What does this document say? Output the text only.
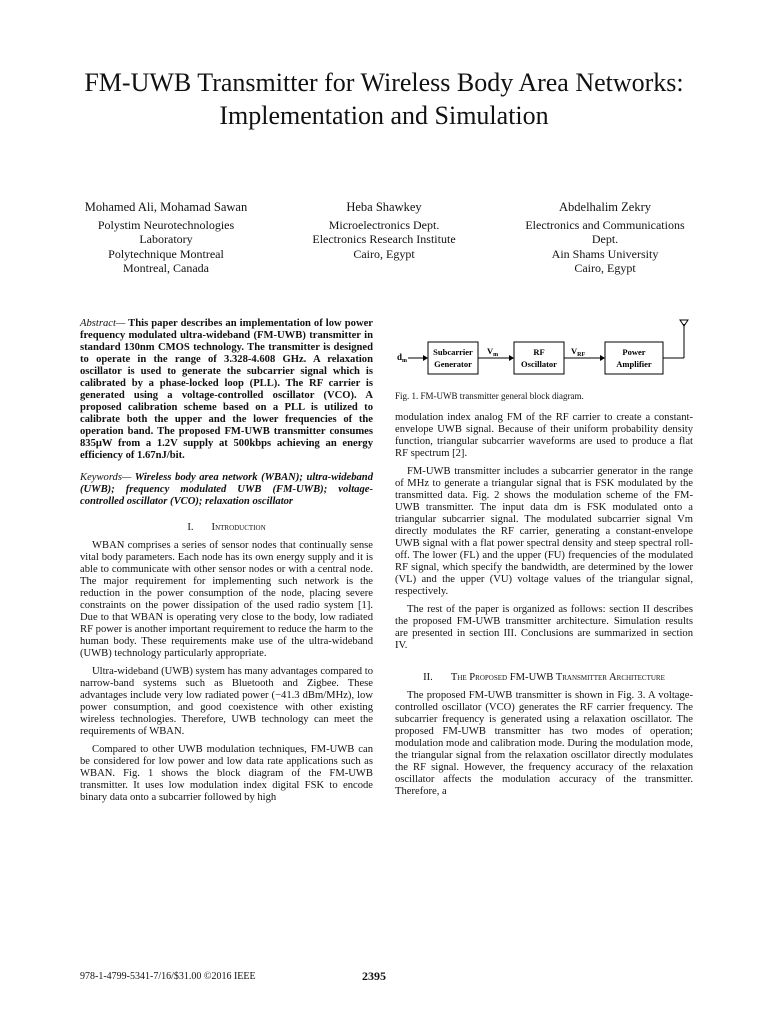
FM-UWB Transmitter for Wireless Body Area Networks: Implementation and Simulation
Mohamed Ali, Mohamad Sawan
Polystim Neurotechnologies
Laboratory
Polytechnique Montreal
Montreal, Canada
Heba Shawkey
Microelectronics Dept.
Electronics Research Institute
Cairo, Egypt
Abdelhalim Zekry
Electronics and Communications
Dept.
Ain Shams University
Cairo, Egypt
Abstract— This paper describes an implementation of low power frequency modulated ultra-wideband (FM-UWB) transmitter in standard 130nm CMOS technology. The transmitter is designed to operate in the range of 3.328-4.608 GHz. A relaxation oscillator is used to generate the subcarrier signal which is calibrated by a phase-locked loop (PLL). The RF carrier is generated using a voltage-controlled oscillator (VCO). A proposed calibration scheme based on a PLL is utilized to calibrate both the upper and the lower frequencies of the operation band. The proposed FM-UWB transmitter consumes 835μW from a 1.2V supply at 500kbps achieving an energy efficiency of 1.67nJ/bit.
Keywords— Wireless body area network (WBAN); ultra-wideband (UWB); frequency modulated UWB (FM-UWB); voltage-controlled oscillator (VCO); relaxation oscillator
I. Introduction

WBAN comprises a series of sensor nodes that continually sense vital body parameters. Each node has its own energy supply and it is able to communicate with other sensor nodes or with a central node. The major requirement for implementing such network is the reduction in the power consumption of the node, placing severe constraints on the power dissipation of the used radio system [1]. Due to that WBAN is operating very close to the body, low radiated RF power is another important requirement to reduce the harm to the human body. These requirements make use of the ultra-wideband (UWB) technology particularly appropriate.

Ultra-wideband (UWB) system has many advantages compared to narrow-band systems such as Bluetooth and Zigbee. These advantages include very low radiated power (−41.3 dBm/MHz), low power consumption, and good coexistence with other existing wireless technologies. Therefore, UWB technology can meet the requirements of WBAN.

Compared to other UWB modulation techniques, FM-UWB can be considered for low power and low data rate applications such as WBAN. Fig. 1 shows the block diagram of the FM-UWB transmitter. It uses low modulation index digital FSK to encode binary data onto a subcarrier followed by high

d m
Subcarrier
Generator
$V_m$	RF
Oscillator
$V_{RF}$	Power
Amplifier
Fig. 1. FM-UWB transmitter general block diagram.

modulation index analog FM of the RF carrier to create a constant-envelope UWB signal. Because of their uniform probability density function, triangular subcarrier waveforms are used to produce a flat RF spectrum [2].

FM-UWB transmitter includes a subcarrier generator in the range of MHz to generate a triangular signal that is FSK modulated by the transmitted data. Fig. 2 shows the modulation scheme of the FM-UWB transmitter. The input data dm is FSK modulated onto a triangular subcarrier signal. The modulated subcarrier signal Vm directly modulates the RF carrier, generating a constant-envelope UWB signal with a flat power spectral density and steep spectral roll-off. The lower (FL) and the upper (FU) frequencies of the modulated RF signal, which specify the bandwidth, are determined by the lower (VL) and the upper (VU) voltage values of the triangular signal, respectively.

The rest of the paper is organized as follows: section II describes the proposed FM-UWB transmitter architecture. Simulation results are presented in section III. Conclusions are summarized in section IV.

II. The Proposed FM-UWB Transmitter Architecture

The proposed FM-UWB transmitter is shown in Fig. 3. A voltage-controlled oscillator (VCO) generates the RF carrier frequency. The subcarrier frequency is generated using a relaxation oscillator. The proposed FM-UWB transmitter has two modes of operation; modulation mode and calibration mode. During the modulation mode, the triangular signal from the relaxation oscillator directly modulates the RF signal. However, the frequency accuracy of the relaxation oscillator affects the modulation accuracy of the transmitter. Therefore, a

978-1-4799-5341-7/16/$31.00 ©2016 IEEE	2395
